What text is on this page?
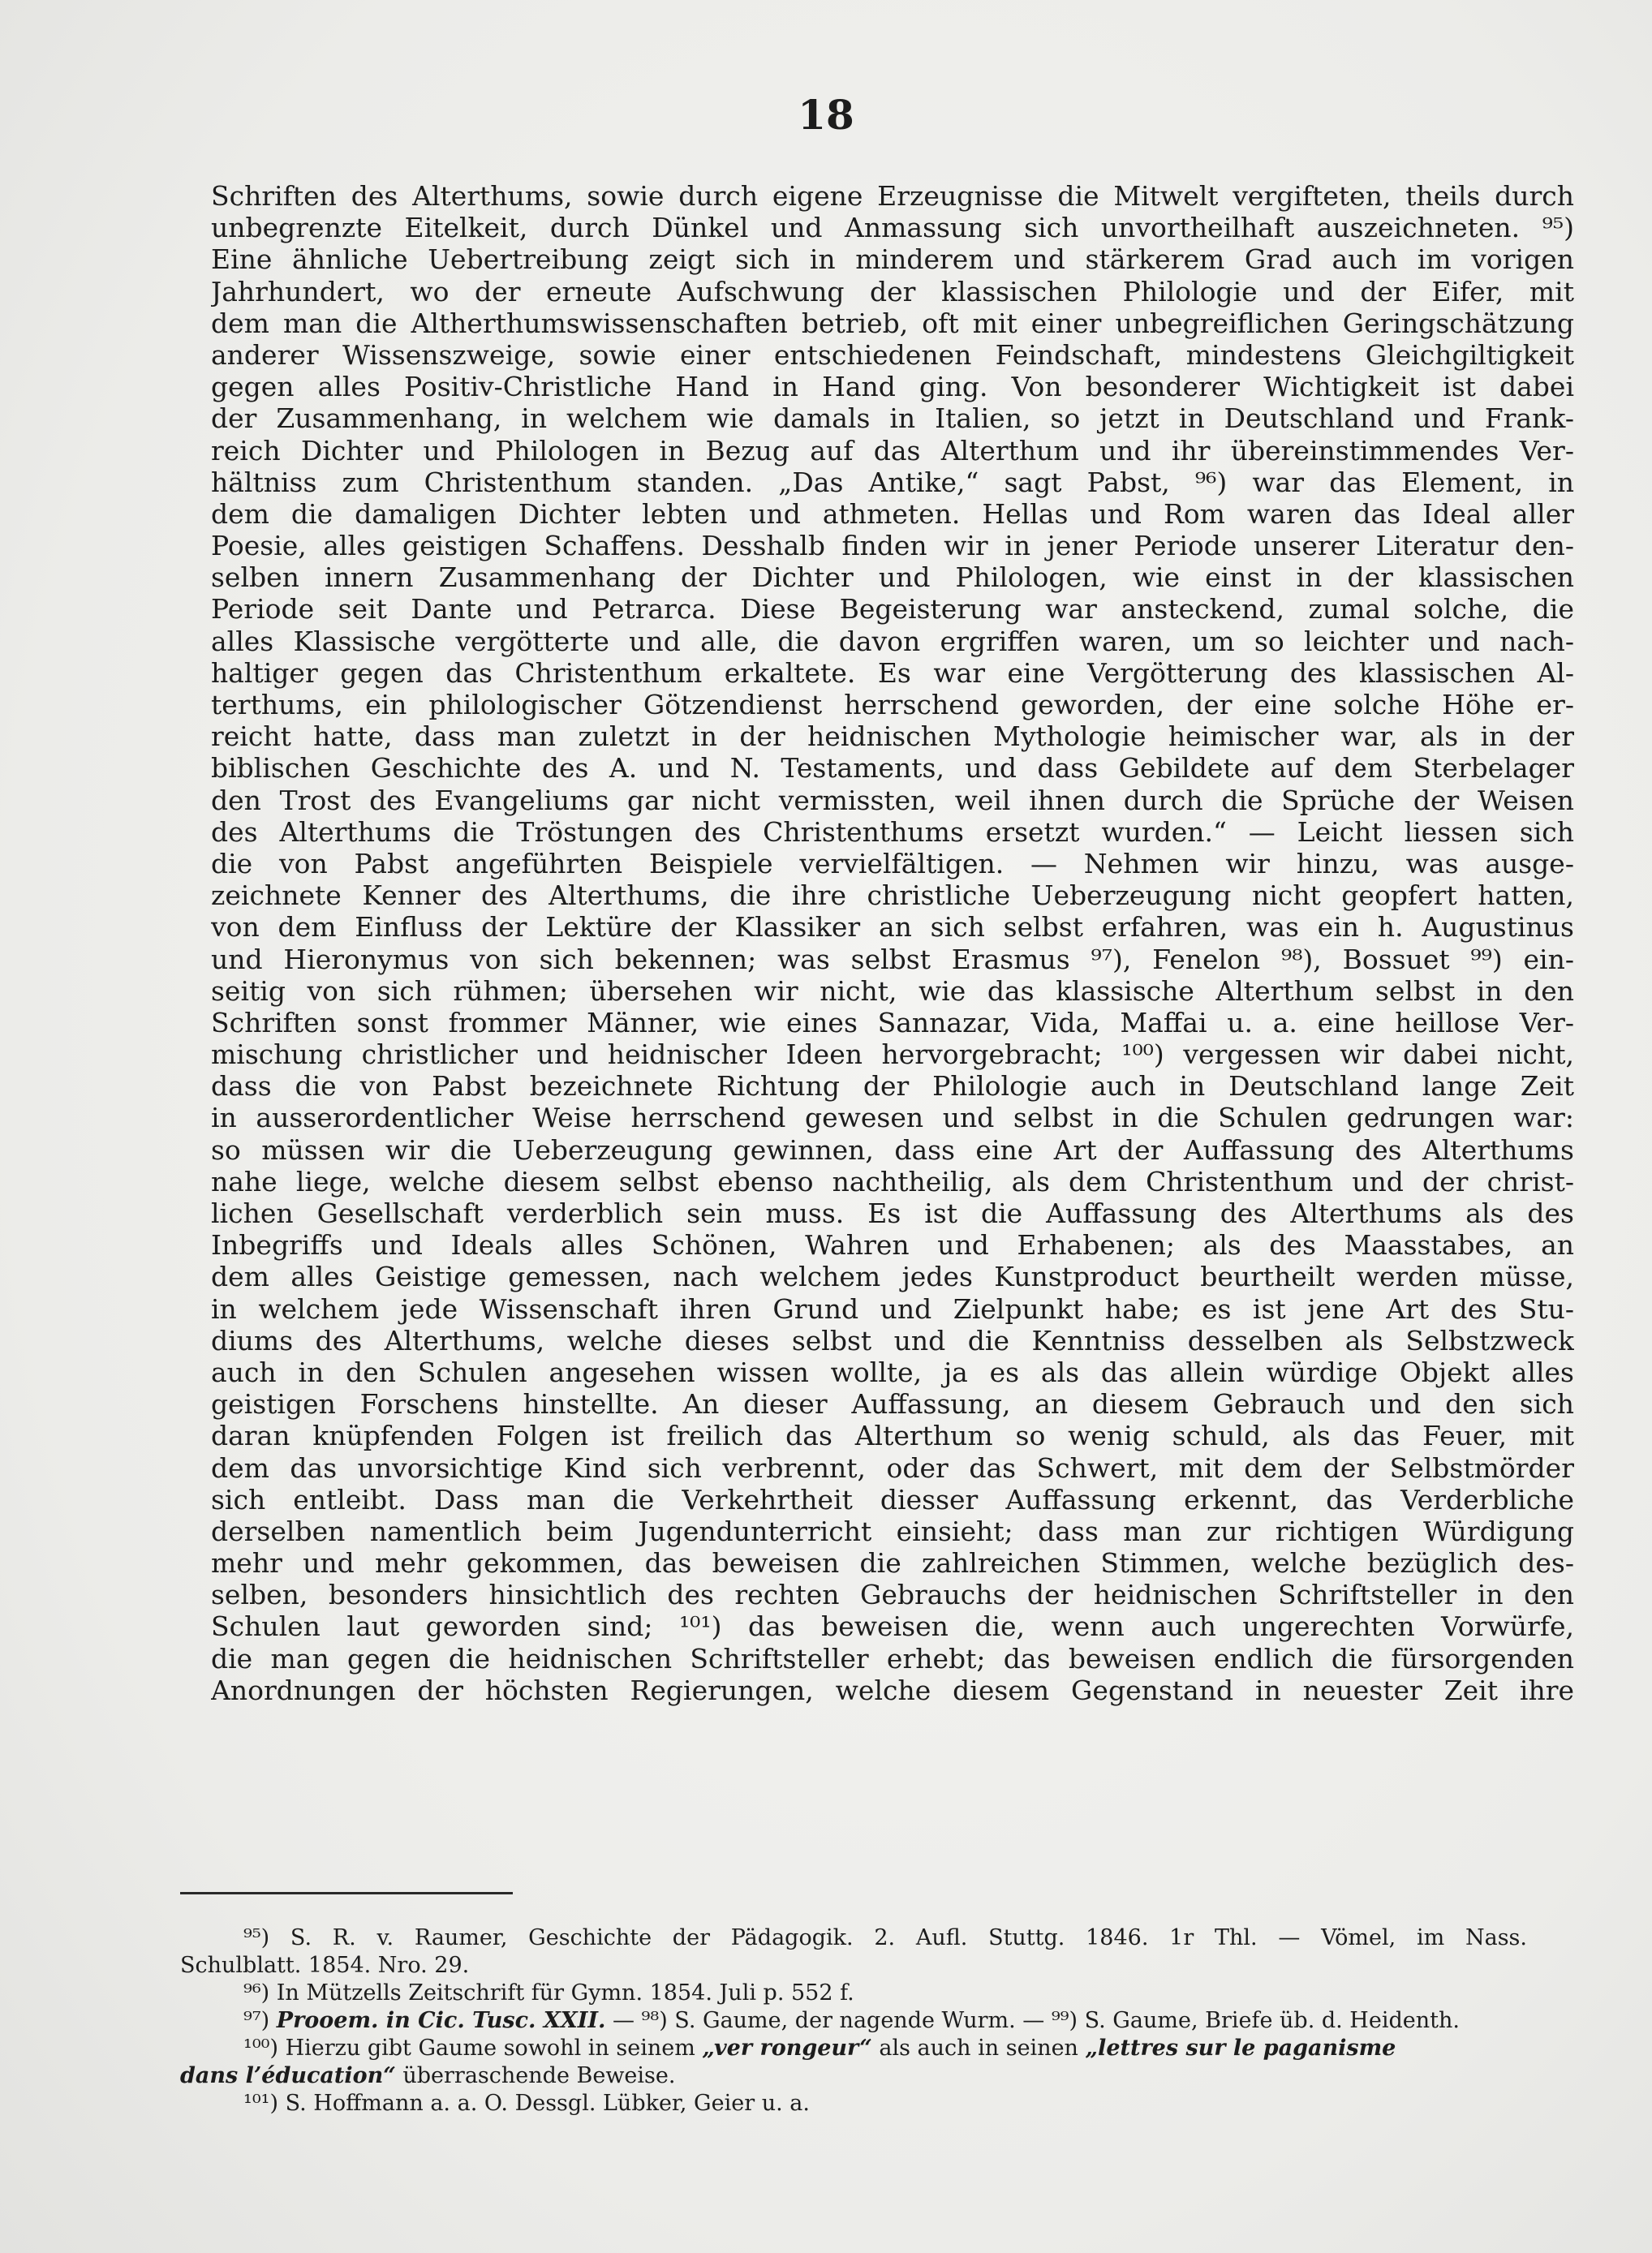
18
Schriften des Alterthums, sowie durch eigene Erzeugnisse die Mitwelt vergifteten, theils durch
unbegrenzte Eitelkeit, durch Dünkel und Anmassung sich unvortheilhaft auszeichneten. ⁹⁵)
Eine ähnliche Uebertreibung zeigt sich in minderem und stärkerem Grad auch im vorigen
Jahrhundert, wo der erneute Aufschwung der klassischen Philologie und der Eifer, mit
dem man die Altherthumswissenschaften betrieb, oft mit einer unbegreiflichen Geringschätzung
anderer Wissenszweige, sowie einer entschiedenen Feindschaft, mindestens Gleichgiltigkeit
gegen alles Positiv-Christliche Hand in Hand ging. Von besonderer Wichtigkeit ist dabei
der Zusammenhang, in welchem wie damals in Italien, so jetzt in Deutschland und Frank-
reich Dichter und Philologen in Bezug auf das Alterthum und ihr übereinstimmendes Ver-
hältniss zum Christenthum standen. „Das Antike,“ sagt Pabst, ⁹⁶) war das Element, in
dem die damaligen Dichter lebten und athmeten. Hellas und Rom waren das Ideal aller
Poesie, alles geistigen Schaffens. Desshalb finden wir in jener Periode unserer Literatur den-
selben innern Zusammenhang der Dichter und Philologen, wie einst in der klassischen
Periode seit Dante und Petrarca. Diese Begeisterung war ansteckend, zumal solche, die
alles Klassische vergötterte und alle, die davon ergriffen waren, um so leichter und nach-
haltiger gegen das Christenthum erkaltete. Es war eine Vergötterung des klassischen Al-
terthums, ein philologischer Götzendienst herrschend geworden, der eine solche Höhe er-
reicht hatte, dass man zuletzt in der heidnischen Mythologie heimischer war, als in der
biblischen Geschichte des A. und N. Testaments, und dass Gebildete auf dem Sterbelager
den Trost des Evangeliums gar nicht vermissten, weil ihnen durch die Sprüche der Weisen
des Alterthums die Tröstungen des Christenthums ersetzt wurden.“ — Leicht liessen sich
die von Pabst angeführten Beispiele vervielfältigen. — Nehmen wir hinzu, was ausge-
zeichnete Kenner des Alterthums, die ihre christliche Ueberzeugung nicht geopfert hatten,
von dem Einfluss der Lektüre der Klassiker an sich selbst erfahren, was ein h. Augustinus
und Hieronymus von sich bekennen; was selbst Erasmus ⁹⁷), Fenelon ⁹⁸), Bossuet ⁹⁹) ein-
seitig von sich rühmen; übersehen wir nicht, wie das klassische Alterthum selbst in den
Schriften sonst frommer Männer, wie eines Sannazar, Vida, Maffai u. a. eine heillose Ver-
mischung christlicher und heidnischer Ideen hervorgebracht; ¹⁰⁰) vergessen wir dabei nicht,
dass die von Pabst bezeichnete Richtung der Philologie auch in Deutschland lange Zeit
in ausserordentlicher Weise herrschend gewesen und selbst in die Schulen gedrungen war:
so müssen wir die Ueberzeugung gewinnen, dass eine Art der Auffassung des Alterthums
nahe liege, welche diesem selbst ebenso nachtheilig, als dem Christenthum und der christ-
lichen Gesellschaft verderblich sein muss. Es ist die Auffassung des Alterthums als des
Inbegriffs und Ideals alles Schönen, Wahren und Erhabenen; als des Maasstabes, an
dem alles Geistige gemessen, nach welchem jedes Kunstproduct beurtheilt werden müsse,
in welchem jede Wissenschaft ihren Grund und Zielpunkt habe; es ist jene Art des Stu-
diums des Alterthums, welche dieses selbst und die Kenntniss desselben als Selbstzweck
auch in den Schulen angesehen wissen wollte, ja es als das allein würdige Objekt alles
geistigen Forschens hinstellte. An dieser Auffassung, an diesem Gebrauch und den sich
daran knüpfenden Folgen ist freilich das Alterthum so wenig schuld, als das Feuer, mit
dem das unvorsichtige Kind sich verbrennt, oder das Schwert, mit dem der Selbstmörder
sich entleibt. Dass man die Verkehrtheit diesser Auffassung erkennt, das Verderbliche
derselben namentlich beim Jugendunterricht einsieht; dass man zur richtigen Würdigung
mehr und mehr gekommen, das beweisen die zahlreichen Stimmen, welche bezüglich des-
selben, besonders hinsichtlich des rechten Gebrauchs der heidnischen Schriftsteller in den
Schulen laut geworden sind; ¹⁰¹) das beweisen die, wenn auch ungerechten Vorwürfe,
die man gegen die heidnischen Schriftsteller erhebt; das beweisen endlich die fürsorgenden
Anordnungen der höchsten Regierungen, welche diesem Gegenstand in neuester Zeit ihre
⁹⁵) S. R. v. Raumer, Geschichte der Pädagogik. 2. Aufl. Stuttg. 1846. 1r Thl. — Vömel, im Nass.
Schulblatt. 1854. Nro. 29.
⁹⁶) In Mützells Zeitschrift für Gymn. 1854. Juli p. 552 f.
⁹⁷) Prooem. in Cic. Tusc. XXII. — ⁹⁸) S. Gaume, der nagende Wurm. — ⁹⁹) S. Gaume, Briefe üb. d. Heidenth.
¹⁰⁰) Hierzu gibt Gaume sowohl in seinem „ver rongeur“ als auch in seinen „lettres sur le paganisme
dans l’éducation“ überraschende Beweise.
¹⁰¹) S. Hoffmann a. a. O. Dessgl. Lübker, Geier u. a.
